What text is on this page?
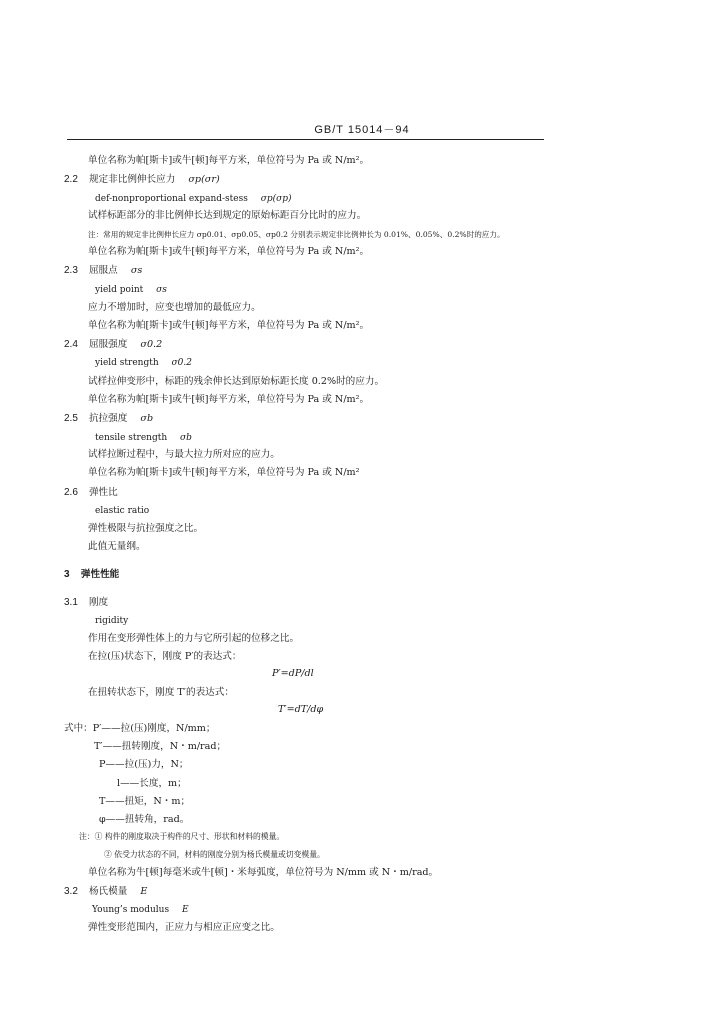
GB/T 15014－94
单位名称为帕[斯卡]或牛[顿]每平方米，单位符号为 Pa 或 N/m²。
2.2 规定非比例伸长应力 σp(σr)
def-nonproportional expand-stess σp(σp)
试样标距部分的非比例伸长达到规定的原始标距百分比时的应力。
注：常用的规定非比例伸长应力 σp0.01、σp0.05、σp0.2 分别表示规定非比例伸长为 0.01%、0.05%、0.2%时的应力。
单位名称为帕[斯卡]或牛[顿]每平方米，单位符号为 Pa 或 N/m²。
2.3 屈服点 σs
yield point σs
应力不增加时，应变也增加的最低应力。
单位名称为帕[斯卡]或牛[顿]每平方米，单位符号为 Pa 或 N/m²。
2.4 屈服强度 σ0.2
yield strength σ0.2
试样拉伸变形中，标距的残余伸长达到原始标距长度 0.2%时的应力。
单位名称为帕[斯卡]或牛[顿]每平方米，单位符号为 Pa 或 N/m²。
2.5 抗拉强度 σb
tensile strength σb
试样拉断过程中，与最大拉力所对应的应力。
单位名称为帕[斯卡]或牛[顿]每平方米，单位符号为 Pa 或 N/m²
2.6 弹性比
elastic ratio
弹性极限与抗拉强度之比。
此值无量纲。
3 弹性性能
3.1 刚度
rigidity
作用在变形弹性体上的力与它所引起的位移之比。
在拉(压)状态下，刚度 P′的表达式：
P′=dP/dl
在扭转状态下，刚度 T′的表达式：
T′=dT/dφ
式中：P′——拉(压)刚度，N/mm；
T′——扭转刚度，N・m/rad；
P——拉(压)力，N；
l——长度，m；
T——扭矩，N・m；
φ——扭转角，rad。
注：① 构件的刚度取决于构件的尺寸、形状和材料的模量。
② 依受力状态的不同，材料的刚度分别为杨氏模量或切变模量。
单位名称为牛[顿]每毫米或牛[顿]・米每弧度，单位符号为 N/mm 或 N・m/rad。
3.2 杨氏模量 E
Young’s modulus E
弹性变形范围内，正应力与相应正应变之比。
